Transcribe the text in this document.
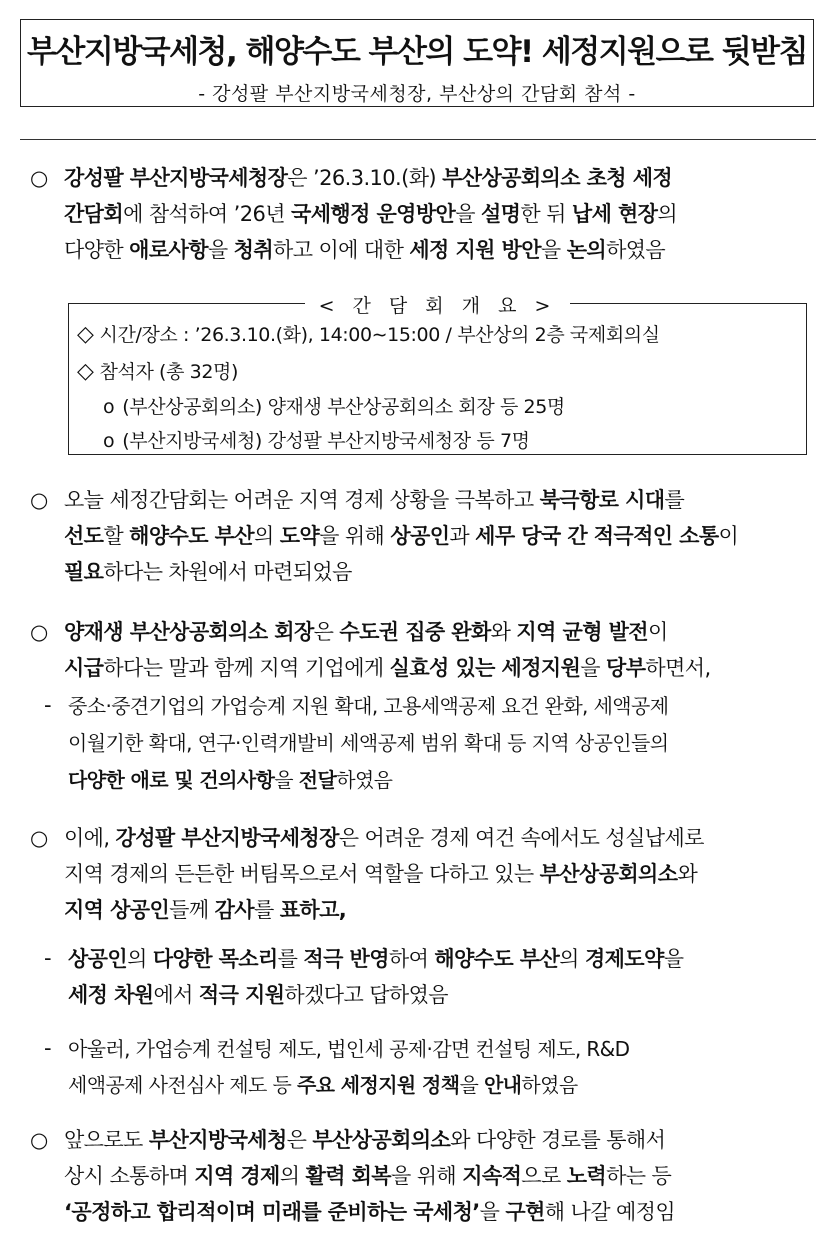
부산지방국세청, 해양수도 부산의 도약! 세정지원으로 뒷받침
- 강성팔 부산지방국세청장, 부산상의 간담회 참석 -
○ 강성팔 부산지방국세청장은 ’26.3.10.(화) 부산상공회의소 초청 세정
간담회에 참석하여 ’26년 국세행정 운영방안을 설명한 뒤 납세 현장의
다양한 애로사항을 청취하고 이에 대한 세정 지원 방안을 논의하였음
< 간 담 회 개 요 >
◇ 시간/장소 : ’26.3.10.(화), 14:00∼15:00 / 부산상의 2층 국제회의실
◇ 참석자 (총 32명)
o (부산상공회의소) 양재생 부산상공회의소 회장 등 25명
o (부산지방국세청) 강성팔 부산지방국세청장 등 7명
○ 오늘 세정간담회는 어려운 지역 경제 상황을 극복하고 북극항로 시대를
선도할 해양수도 부산의 도약을 위해 상공인과 세무 당국 간 적극적인 소통이
필요하다는 차원에서 마련되었음
○ 양재생 부산상공회의소 회장은 수도권 집중 완화와 지역 균형 발전이
시급하다는 말과 함께 지역 기업에게 실효성 있는 세정지원을 당부하면서,
- 중소·중견기업의 가업승계 지원 확대, 고용세액공제 요건 완화, 세액공제
이월기한 확대, 연구·인력개발비 세액공제 범위 확대 등 지역 상공인들의
다양한 애로 및 건의사항을 전달하였음
○ 이에, 강성팔 부산지방국세청장은 어려운 경제 여건 속에서도 성실납세로
지역 경제의 든든한 버팀목으로서 역할을 다하고 있는 부산상공회의소와
지역 상공인들께 감사를 표하고,
- 상공인의 다양한 목소리를 적극 반영하여 해양수도 부산의 경제도약을
세정 차원에서 적극 지원하겠다고 답하였음
- 아울러, 가업승계 컨설팅 제도, 법인세 공제·감면 컨설팅 제도, R&D
세액공제 사전심사 제도 등 주요 세정지원 정책을 안내하였음
○ 앞으로도 부산지방국세청은 부산상공회의소와 다양한 경로를 통해서
상시 소통하며 지역 경제의 활력 회복을 위해 지속적으로 노력하는 등
‘공정하고 합리적이며 미래를 준비하는 국세청’을 구현해 나갈 예정임
